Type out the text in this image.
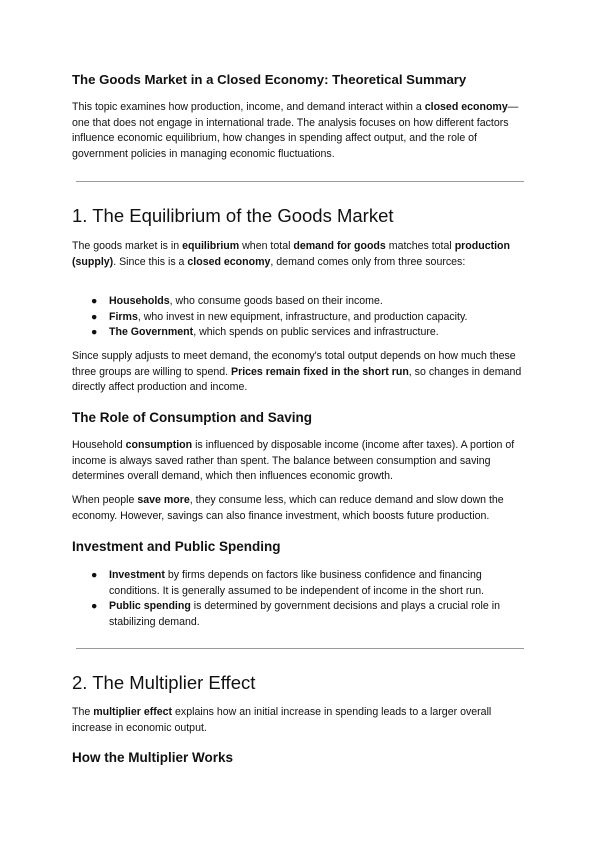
The Goods Market in a Closed Economy: Theoretical Summary

This topic examines how production, income, and demand interact within a closed economy—one that does not engage in international trade. The analysis focuses on how different factors influence economic equilibrium, how changes in spending affect output, and the role of government policies in managing economic fluctuations.

1. The Equilibrium of the Goods Market

The goods market is in equilibrium when total demand for goods matches total production (supply). Since this is a closed economy, demand comes only from three sources:

● Households, who consume goods based on their income.
● Firms, who invest in new equipment, infrastructure, and production capacity.
● The Government, which spends on public services and infrastructure.

Since supply adjusts to meet demand, the economy's total output depends on how much these three groups are willing to spend. Prices remain fixed in the short run, so changes in demand directly affect production and income.

The Role of Consumption and Saving

Household consumption is influenced by disposable income (income after taxes). A portion of income is always saved rather than spent. The balance between consumption and saving determines overall demand, which then influences economic growth.

When people save more, they consume less, which can reduce demand and slow down the economy. However, savings can also finance investment, which boosts future production.

Investment and Public Spending
● Investment by firms depends on factors like business confidence and financing conditions. It is generally assumed to be independent of income in the short run.
● Public spending is determined by government decisions and plays a crucial role in stabilizing demand.
2. The Multiplier Effect

The multiplier effect explains how an initial increase in spending leads to a larger overall increase in economic output.

How the Multiplier Works
